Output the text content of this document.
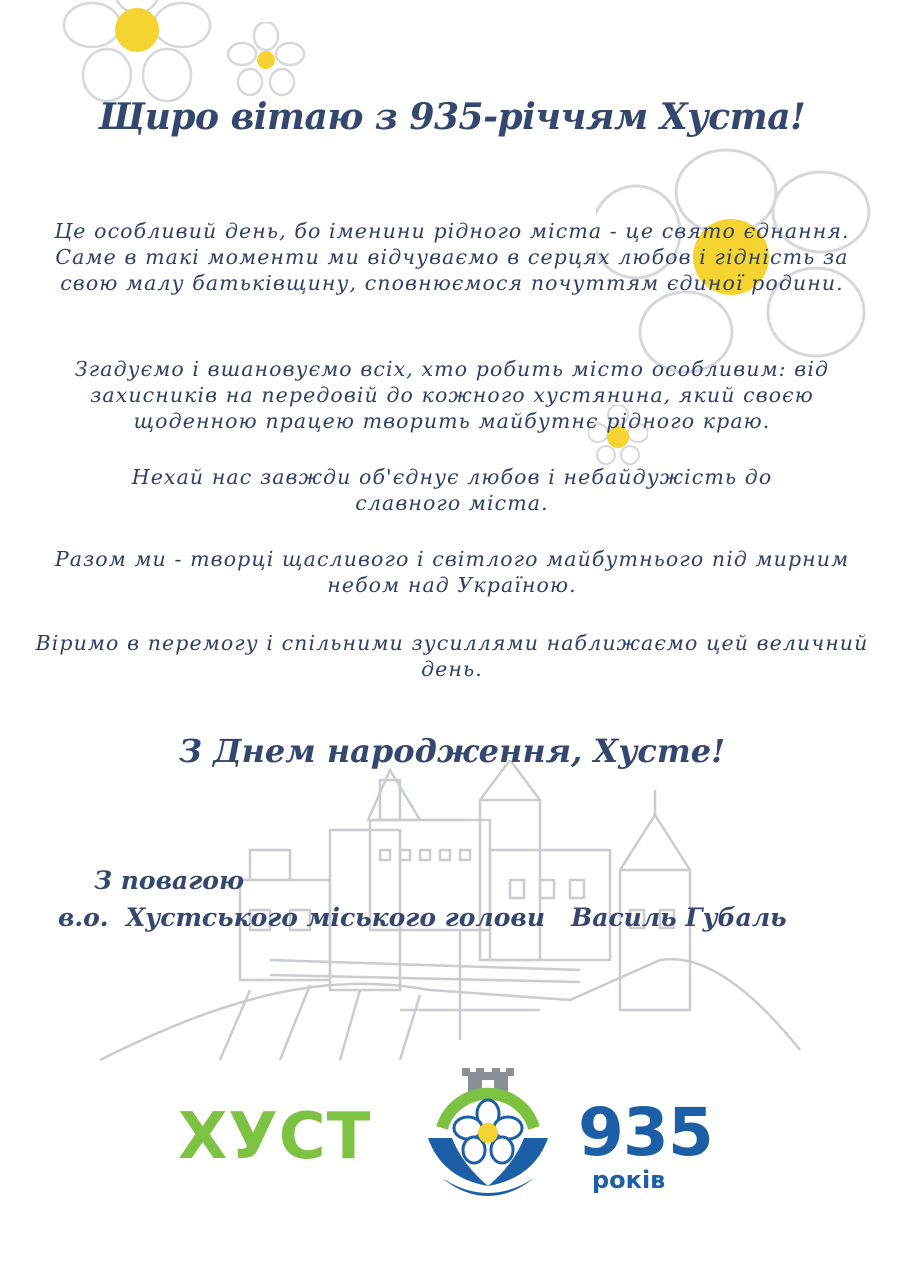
Щиро вітаю з 935-річчям Хуста!
Це особливий день, бо іменини рідного міста - це свято єднання. Саме в такі моменти ми відчуваємо в серцях любов і гідність за свою малу батьківщину, сповнюємося почуттям єдиної родини.
Згадуємо і вшановуємо всіх, хто робить місто особливим: від захисників на передовій до кожного хустянина, який своєю щоденною працею творить майбутнє рідного краю.
Нехай нас завжди об'єднує любов і небайдужість до славного міста.
Разом ми - творці щасливого і світлого майбутнього під мирним небом над Україною.
Віримо в перемогу і спільними зусиллями наближаємо цей величний день.
З Днем народження, Хусте!
З повагою
в.о.  Хустського міського голови Василь Губаль
ХУСТ	935
років
